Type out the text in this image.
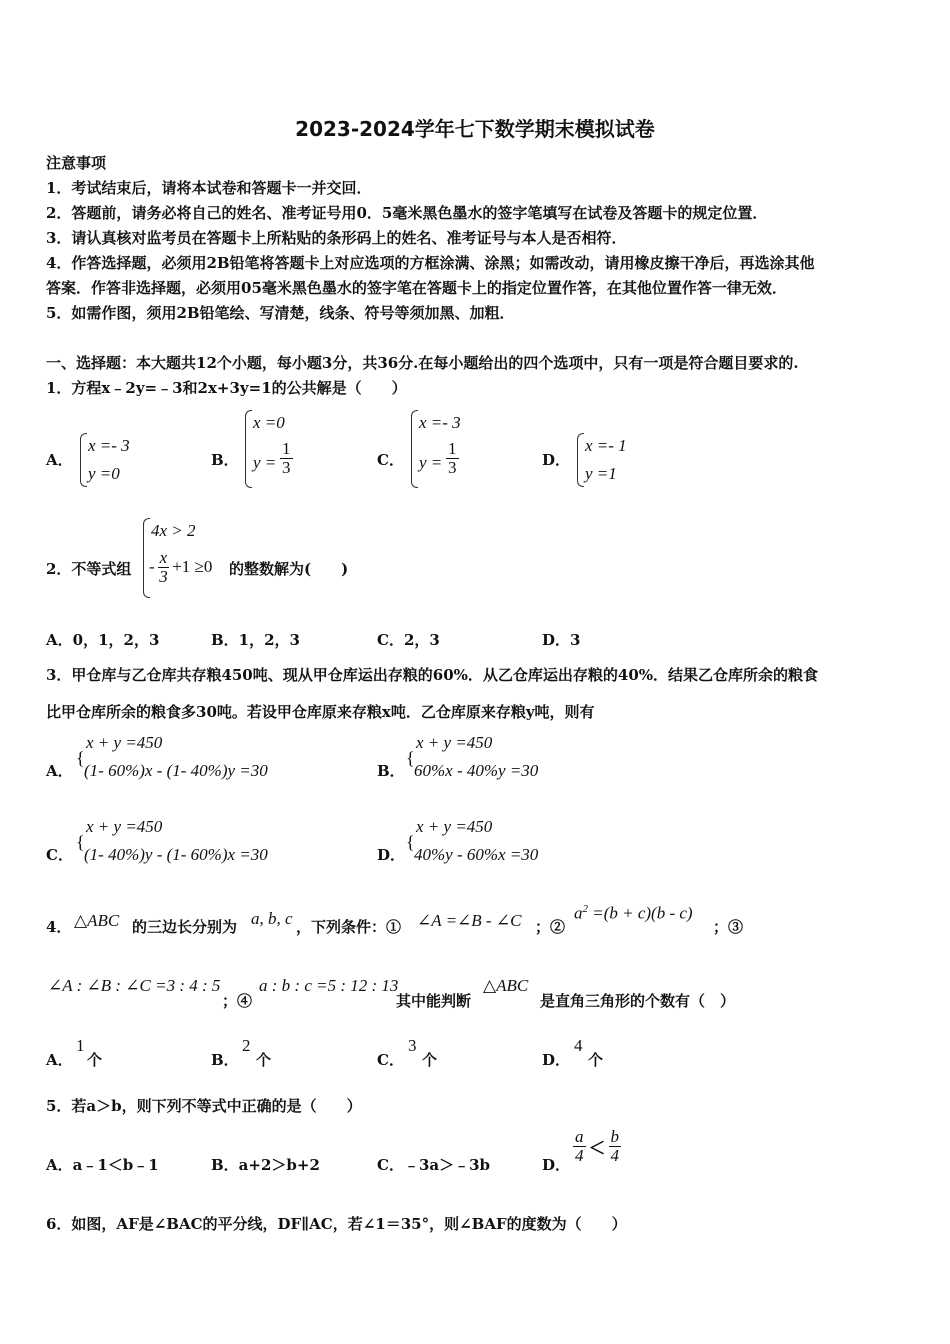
2023-2024学年七下数学期末模拟试卷
注意事项
1．考试结束后，请将本试卷和答题卡一并交回．
2．答题前，请务必将自己的姓名、准考证号用0．5毫米黑色墨水的签字笔填写在试卷及答题卡的规定位置．
3．请认真核对监考员在答题卡上所粘贴的条形码上的姓名、准考证号与本人是否相符．
4．作答选择题，必须用2B铅笔将答题卡上对应选项的方框涂满、涂黑；如需改动，请用橡皮擦干净后，再选涂其他
答案．作答非选择题，必须用05毫米黑色墨水的签字笔在答题卡上的指定位置作答，在其他位置作答一律无效．
5．如需作图，须用2B铅笔绘、写清楚，线条、符号等须加黑、加粗．
一、选择题：本大题共12个小题，每小题3分，共36分.在每小题给出的四个选项中，只有一项是符合题目要求的.
1．方程x﹣2y=﹣3和2x+3y=1的公共解是（　　）
A．
x =- 3
y =0
B．
x =0
$y = \frac{1}{3}$	C．
x =- 3
$y = \frac{1}{3}$	D．
x =- 1
y =1
2．不等式组
4x > 2
- $\frac{x}{3} +1 \ge 0$ 的整数解为(　　)
A．0，1，2，3	B．1，2，3	C．2，3	D．3
3．甲仓库与乙仓库共存粮450吨、现从甲仓库运出存粮的60%．从乙仓库运出存粮的40%．结果乙仓库所余的粮食
比甲仓库所余的粮食多30吨。若设甲仓库原来存粮x吨．乙仓库原来存粮y吨，则有
A．
{
x + y =450
(1- 60%)x - (1- 40%)y =30	B．
{
x + y =450
60%x - 40%y =30
C．
{
x + y =450
(1- 40%)y - (1- 60%)x =30	D．
{
x + y =450
40%y - 60%x =30
4． △ABC 的三边长分别为 a, b, c ，下列条件：① ∠A =∠B - ∠C ；②
$a^2 =(b + c)(b - c)$
；③
∠A : ∠B : ∠C =3 : 4 : 5
；④
a : b : c =5 : 12 : 13
其中能判断
△ABC
是直角三角形的个数有（　）
A．
1
个	B．
2
个	C．
3
个	D．
4
个
5．若a＞b，则下列不等式中正确的是（　　）
A．a﹣1＜b﹣1	B．a+2＞b+2	C．﹣3a＞﹣3b	D．
$\frac{a}{4} < \frac{b}{4}$
6．如图，AF是∠BAC的平分线，DF∥AC，若∠1＝35°，则∠BAF的度数为（　　）
